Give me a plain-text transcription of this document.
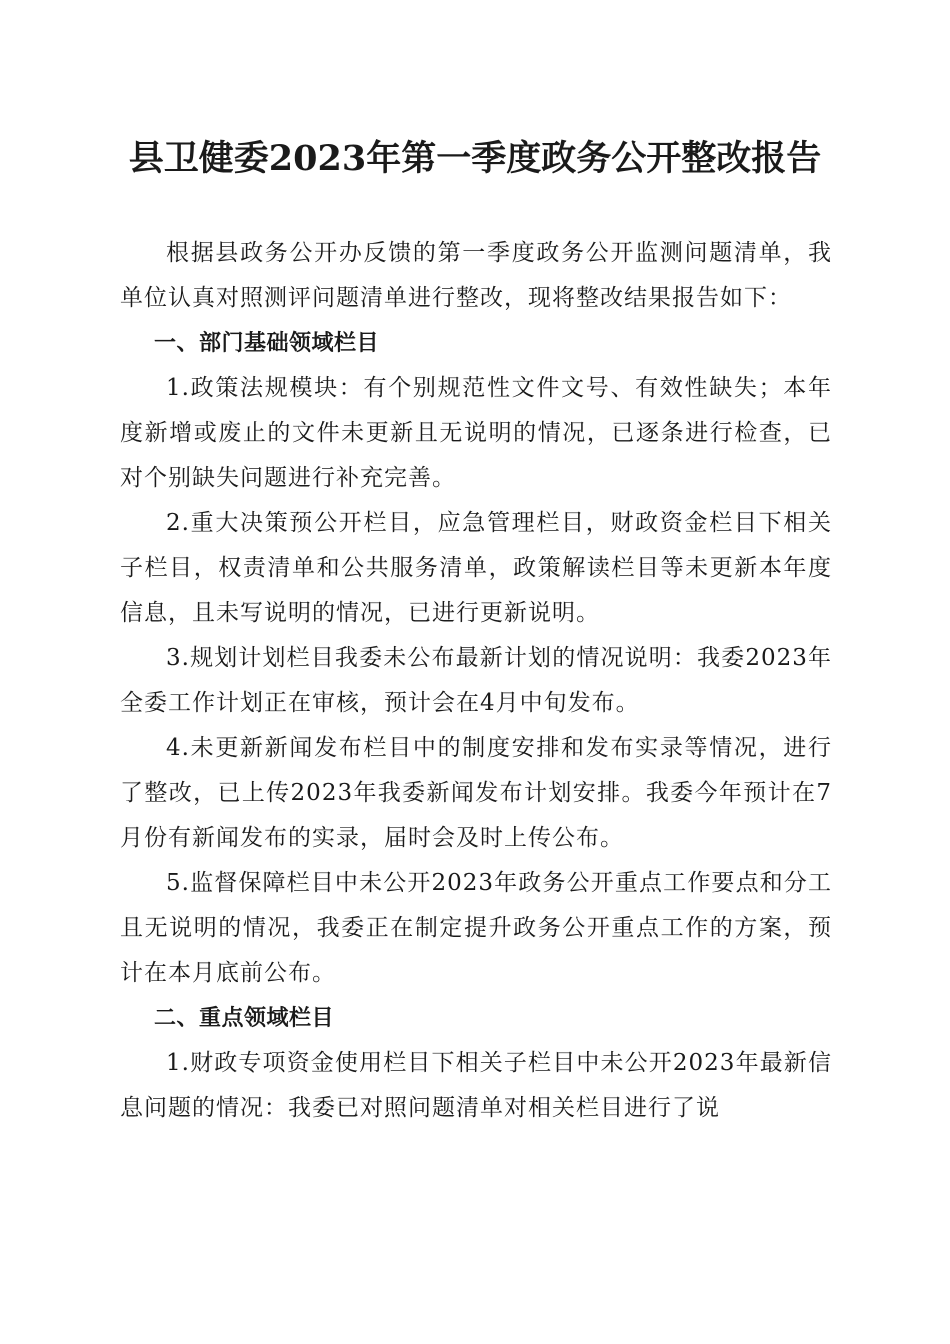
县卫健委2023年第一季度政务公开整改报告

根据县政务公开办反馈的第一季度政务公开监测问题清单，我单位认真对照测评问题清单进行整改，现将整改结果报告如下：

一、部门基础领域栏目

1.政策法规模块：有个别规范性文件文号、有效性缺失；本年度新增或废止的文件未更新且无说明的情况，已逐条进行检查，已对个别缺失问题进行补充完善。

2.重大决策预公开栏目，应急管理栏目，财政资金栏目下相关子栏目，权责清单和公共服务清单，政策解读栏目等未更新本年度信息，且未写说明的情况，已进行更新说明。

3.规划计划栏目我委未公布最新计划的情况说明：我委2023年全委工作计划正在审核，预计会在4月中旬发布。

4.未更新新闻发布栏目中的制度安排和发布实录等情况，进行了整改，已上传2023年我委新闻发布计划安排。我委今年预计在7月份有新闻发布的实录，届时会及时上传公布。

5.监督保障栏目中未公开2023年政务公开重点工作要点和分工且无说明的情况，我委正在制定提升政务公开重点工作的方案，预计在本月底前公布。

二、重点领域栏目

1.财政专项资金使用栏目下相关子栏目中未公开2023年最新信息问题的情况：我委已对照问题清单对相关栏目进行了说
